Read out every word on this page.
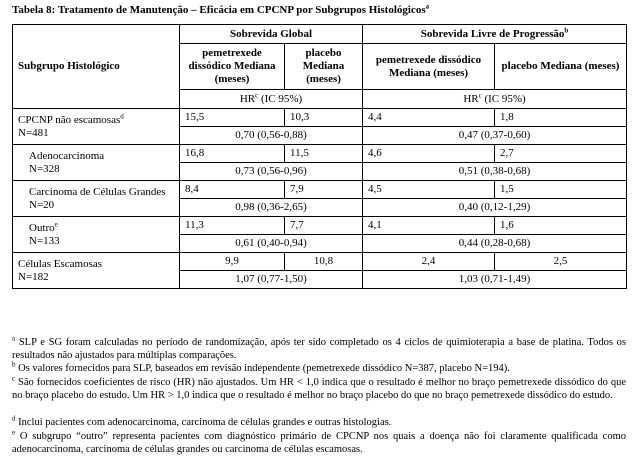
Tabela 8: Tratamento de Manutenção – Eficácia em CPCNP por Subgrupos Histológicos$^a$
Subgrupo Histológico	Sobrevida Global		Sobrevida Livre de Progressão$^b$
	pemetrexede dissódico Mediana (meses)	placebo Mediana (meses)	pemetrexede dissódico Mediana (meses)	placebo Mediana (meses)
	$HR^c$ (IC 95%)		$HR^c$ (IC 95%)	
CPCNP não escamosas$^d$
N=481	15,5	10,3	4,4	1,8
	0,70 (0,56-0,88)		0,47 (0,37-0,60)	
Adenocarcinoma
N=328	16,8	11,5	4,6	2,7
	0,73 (0,56-0,96)		0,51 (0,38-0,68)	
Carcinoma de Células Grandes N=20	8,4	7,9	4,5	1,5
	0,98 (0,36-2,65)		0,40 (0,12-1,29)	
Outro$^e$
N=133	11,3	7,7	4,1	1,6
	0,61 (0,40-0,94)		0,44 (0,28-0,68)	
Células Escamosas
N=182	9,9	10,8	2,4	2,5
	1,07 (0,77-1,50)		1,03 (0,71-1,49)	
$^a$ SLP e SG foram calculadas no período de randomização, após ter sido completado os 4 ciclos de quimioterapia a base de platina. Todos os resultados não ajustados para múltiplas comparações.
$^b$ Os valores fornecidos para SLP, baseados em revisão independente (pemetrexede dissódico N=387, placebo N=194).
$^c$ São fornecidos coeficientes de risco (HR) não ajustados. Um HR < 1,0 indica que o resultado é melhor no braço pemetrexede dissódico do que no braço placebo do estudo. Um HR > 1,0 indica que o resultado é melhor no braço placebo do que no braço pemetrexede dissódico do estudo.
$^d$ Inclui pacientes com adenocarcinoma, carcinoma de células grandes e outras histologias.
$^e$ O subgrupo “outro” representa pacientes com diagnóstico primário de CPCNP nos quais a doença não foi claramente qualificada como adenocarcinoma, carcinoma de células grandes ou carcinoma de células escamosas.
